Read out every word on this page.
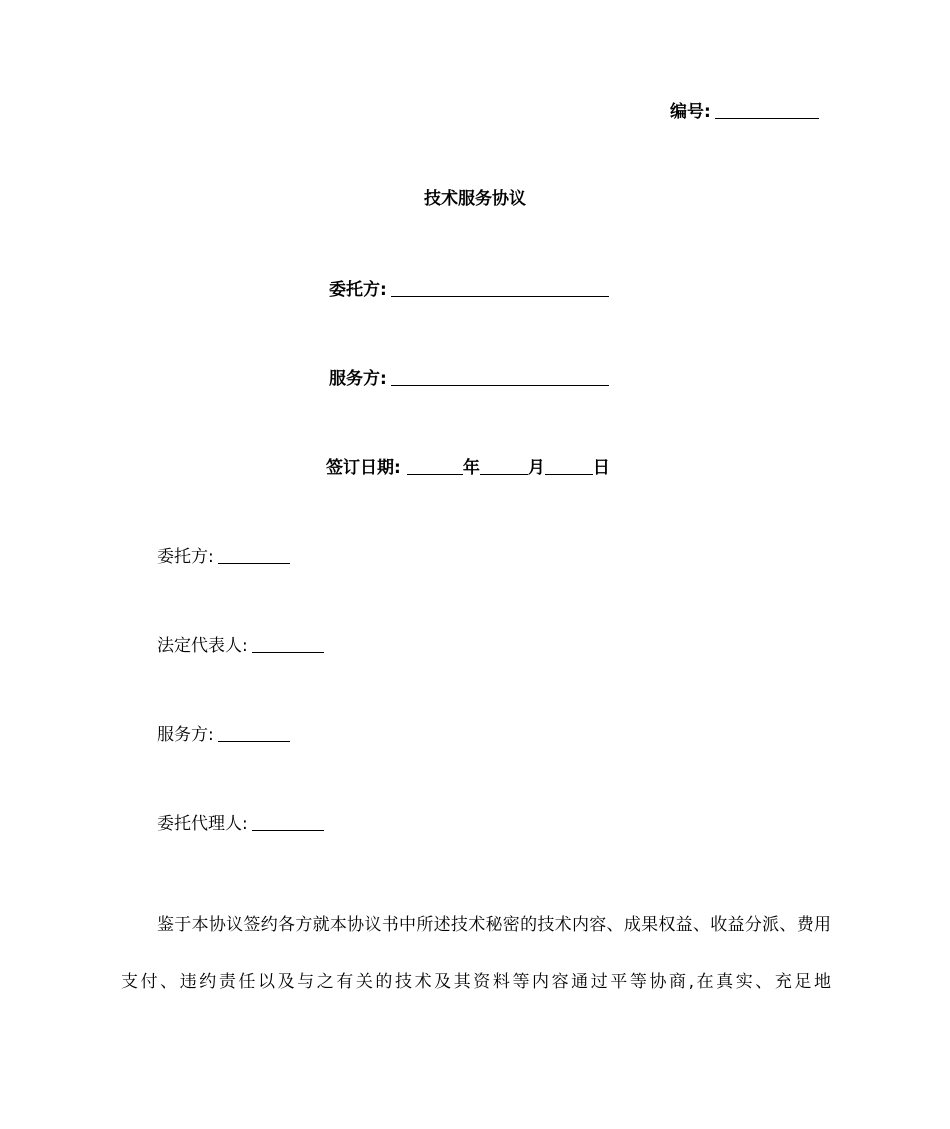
编号:
技术服务协议
委托方:
服务方:
签订日期:	年	月	日
委托方:
法定代表人:
服务方:
委托代理人:

鉴于本协议签约各方就本协议书中所述技术秘密的技术内容、成果权益、收益分派、费用支付、违约责任以及与之有关的技术及其资料等内容通过平等协商,在真实、充足地
